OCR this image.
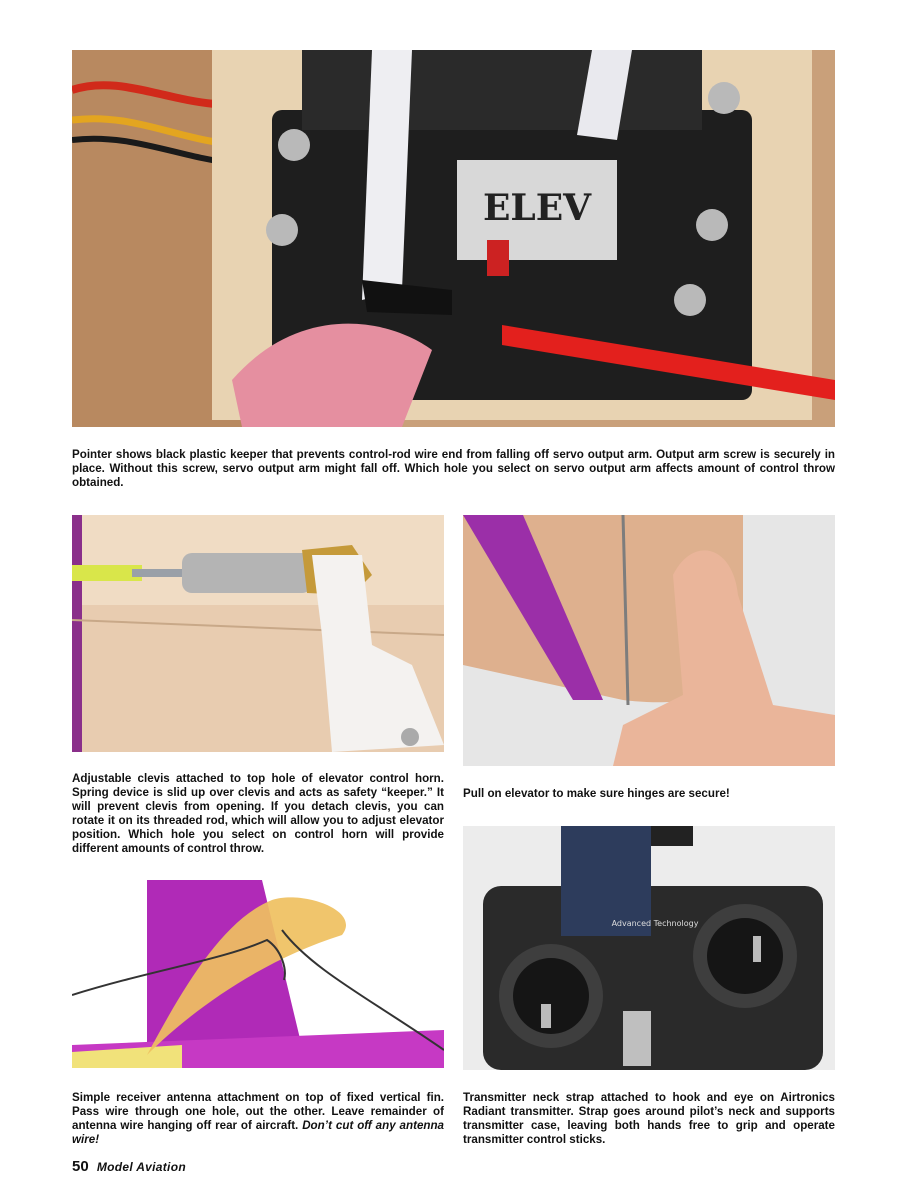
ELEV

Pointer shows black plastic keeper that prevents control-rod wire end from falling off servo output arm. Output arm screw is securely in place. Without this screw, servo output arm might fall off. Which hole you select on servo output arm affects amount of control throw obtained.

Adjustable clevis attached to top hole of elevator control horn. Spring device is slid up over clevis and acts as safety “keeper.” It will prevent clevis from opening. If you detach clevis, you can rotate it on its threaded rod, which will allow you to adjust elevator position. Which hole you select on control horn will provide different amounts of control throw.

Pull on elevator to make sure hinges are secure!

Advanced Technology

Simple receiver antenna attachment on top of fixed vertical fin. Pass wire through one hole, out the other. Leave remainder of antenna wire hanging off rear of aircraft. Don’t cut off any antenna wire!

Transmitter neck strap attached to hook and eye on Airtronics Radiant transmitter. Strap goes around pilot’s neck and supports transmitter case, leaving both hands free to grip and operate transmitter control sticks.

50 Model Aviation
